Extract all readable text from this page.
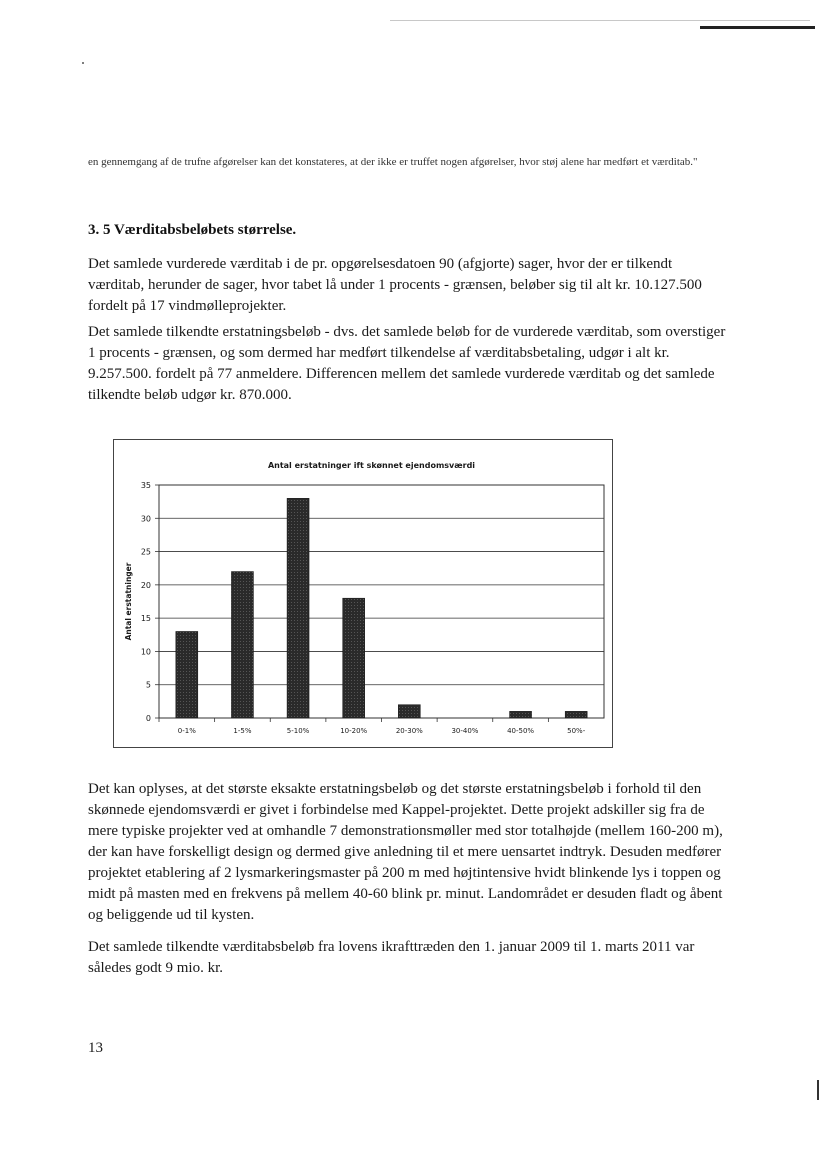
en gennemgang af de trufne afgørelser kan det konstateres, at der ikke er truffet nogen afgørelser, hvor støj alene har medført et værditab."

3. 5 Værditabsbeløbets størrelse.

Det samlede vurderede værditab i de pr. opgørelsesdatoen 90 (afgjorte) sager, hvor der er tilkendt værditab, herunder de sager, hvor tabet lå under 1 procents - grænsen, beløber sig til alt kr. 10.127.500 fordelt på 17 vindmølleprojekter.

Det samlede tilkendte erstatningsbeløb - dvs. det samlede beløb for de vurderede værditab, som overstiger 1 procents - grænsen, og som dermed har medført tilkendelse af værditabsbetaling, udgør i alt kr. 9.257.500. fordelt på 77 anmeldere. Differencen mellem det samlede vurderede værditab og det samlede tilkendte beløb udgør kr. 870.000.

0
5
10
15
20
25
30
35
Antal erstatninger ift skønnet ejendomsværdi
Antal erstatninger
0-1%	1-5%	5-10%	10-20%	20-30%	30-40%	40-50%	50%-

Det kan oplyses, at det største eksakte erstatningsbeløb og det største erstatningsbeløb i forhold til den skønnede ejendomsværdi er givet i forbindelse med Kappel-projektet. Dette projekt adskiller sig fra de mere typiske projekter ved at omhandle 7 demonstrationsmøller med stor totalhøjde (mellem 160-200 m), der kan have forskelligt design og dermed give anledning til et mere uensartet indtryk. Desuden medfører projektet etablering af 2 lysmarkeringsmaster på 200 m med højtintensive hvidt blinkende lys i toppen og midt på masten med en frekvens på mellem 40-60 blink pr. minut. Landområdet er desuden fladt og åbent og beliggende ud til kysten.

Det samlede tilkendte værditabsbeløb fra lovens ikrafttræden den 1. januar 2009 til 1. marts 2011 var således godt 9 mio. kr.

13
